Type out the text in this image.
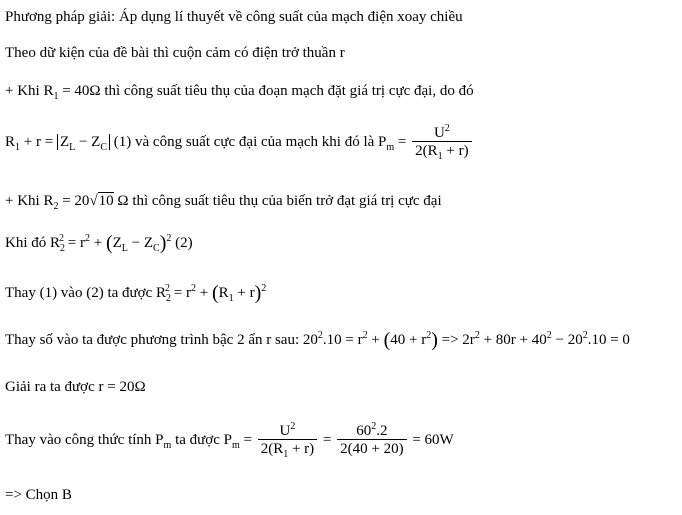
Phương pháp giải: Áp dụng lí thuyết về công suất của mạch điện xoay chiều
Theo dữ kiện của đề bài thì cuộn cảm có điện trở thuần r
+ Khi $R_1 = 40\Omega$ thì công suất tiêu thụ của đoạn mạch đặt giá trị cực đại, do đó
$R_1 + r = Z_L - Z_C$ (1) và công suất cực đại của mạch khi đó là $P_m = \frac{U^2}{2(R_1 + r)}$
+ Khi $R_2 = 20√10$ Ω thì công suất tiêu thụ của biến trở đạt giá trị cực đại
Khi đó $R_2^2 = r^2 + (Z_L - Z_C)^2$ (2)
Thay (1) vào (2) ta được $R_2^2 = r^2 + (R_1 + r)^2$
Thay số vào ta được phương trình bậc 2 ẩn r sau: $20^2.10 = r^2 + (40 + r^2) => 2r^2 + 80r + 40^2 - 20^2.10 = 0$
Giải ra ta được r = 20Ω
Thay vào công thức tính $P_m$ ta được $P_m = \frac{U^2}{2(R_1 + r)} = \frac{60^2.2}{2(40 + 20)} = 60W$
=> Chọn B
